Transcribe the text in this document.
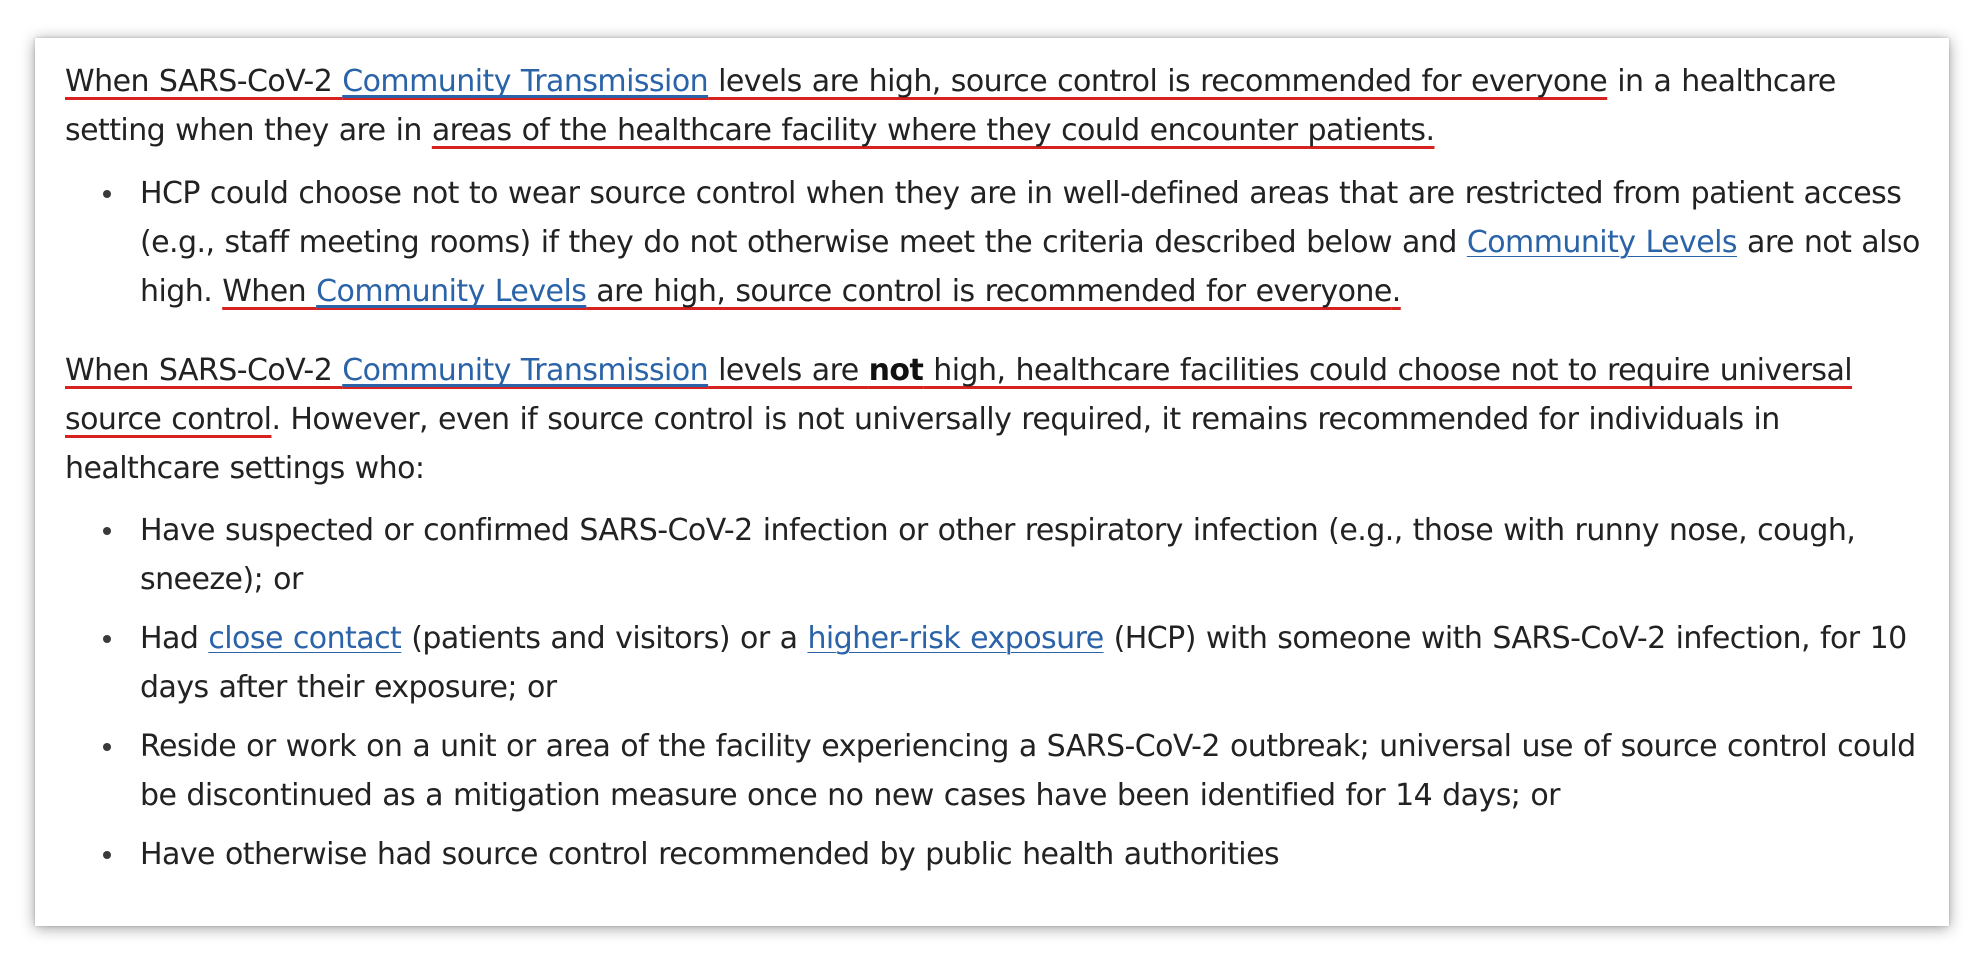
When SARS-CoV-2 Community Transmission levels are high, source control is recommended for everyone in a healthcare setting when they are in areas of the healthcare facility where they could encounter patients.

HCP could choose not to wear source control when they are in well-defined areas that are restricted from patient access (e.g., staff meeting rooms) if they do not otherwise meet the criteria described below and Community Levels are not also high. When Community Levels are high, source control is recommended for everyone.

When SARS-CoV-2 Community Transmission levels are not high, healthcare facilities could choose not to require universal source control. However, even if source control is not universally required, it remains recommended for individuals in healthcare settings who:

Have suspected or confirmed SARS-CoV-2 infection or other respiratory infection (e.g., those with runny nose, cough, sneeze); or
Had close contact (patients and visitors) or a higher-risk exposure (HCP) with someone with SARS-CoV-2 infection, for 10 days after their exposure; or
Reside or work on a unit or area of the facility experiencing a SARS-CoV-2 outbreak; universal use of source control could be discontinued as a mitigation measure once no new cases have been identified for 14 days; or
Have otherwise had source control recommended by public health authorities
